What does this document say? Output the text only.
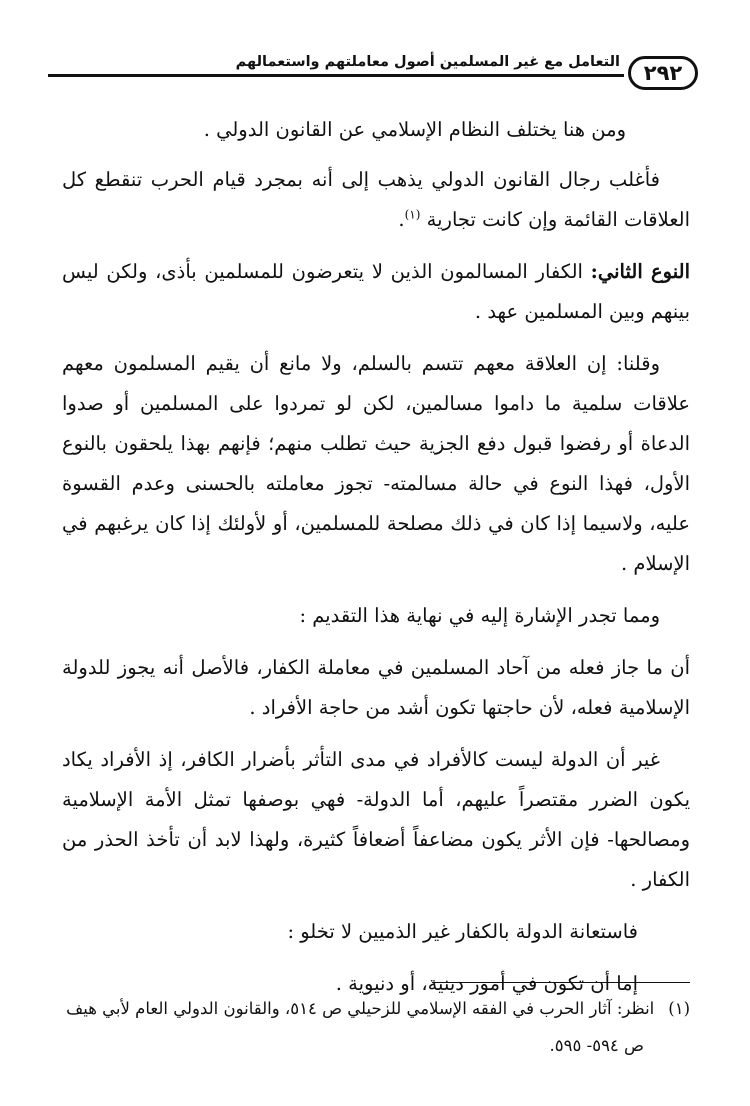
٢٩٢
التعامل مع غير المسلمين أصول معاملتهم واستعمالهم

ومن هنا يختلف النظام الإسلامي عن القانون الدولي .

فأغلب رجال القانون الدولي يذهب إلى أنه بمجرد قيام الحرب تنقطع كل العلاقات القائمة وإن كانت تجارية $^{(١)}$.

النوع الثاني: الكفار المسالمون الذين لا يتعرضون للمسلمين بأذى، ولكن ليس بينهم وبين المسلمين عهد .

وقلنا: إن العلاقة معهم تتسم بالسلم، ولا مانع أن يقيم المسلمون معهم علاقات سلمية ما داموا مسالمين، لكن لو تمردوا على المسلمين أو صدوا الدعاة أو رفضوا قبول دفع الجزية حيث تطلب منهم؛ فإنهم بهذا يلحقون بالنوع الأول، فهذا النوع في حالة مسالمته- تجوز معاملته بالحسنى وعدم القسوة عليه، ولاسيما إذا كان في ذلك مصلحة للمسلمين، أو لأولئك إذا كان يرغبهم في الإسلام .

ومما تجدر الإشارة إليه في نهاية هذا التقديم :

أن ما جاز فعله من آحاد المسلمين في معاملة الكفار، فالأصل أنه يجوز للدولة الإسلامية فعله، لأن حاجتها تكون أشد من حاجة الأفراد .

غير أن الدولة ليست كالأفراد في مدى التأثر بأضرار الكافر، إذ الأفراد يكاد يكون الضرر مقتصراً عليهم، أما الدولة- فهي بوصفها تمثل الأمة الإسلامية ومصالحها- فإن الأثر يكون مضاعفاً أضعافاً كثيرة، ولهذا لابد أن تأخذ الحذر من الكفار .

فاستعانة الدولة بالكفار غير الذميين لا تخلو :

إما أن تكون في أمور دينية، أو دنيوية .

(١)انظر: آثار الحرب في الفقه الإسلامي للزحيلي ص ٥١٤، والقانون الدولي العام لأبي هيف
ص ٥٩٤- ٥٩٥.
